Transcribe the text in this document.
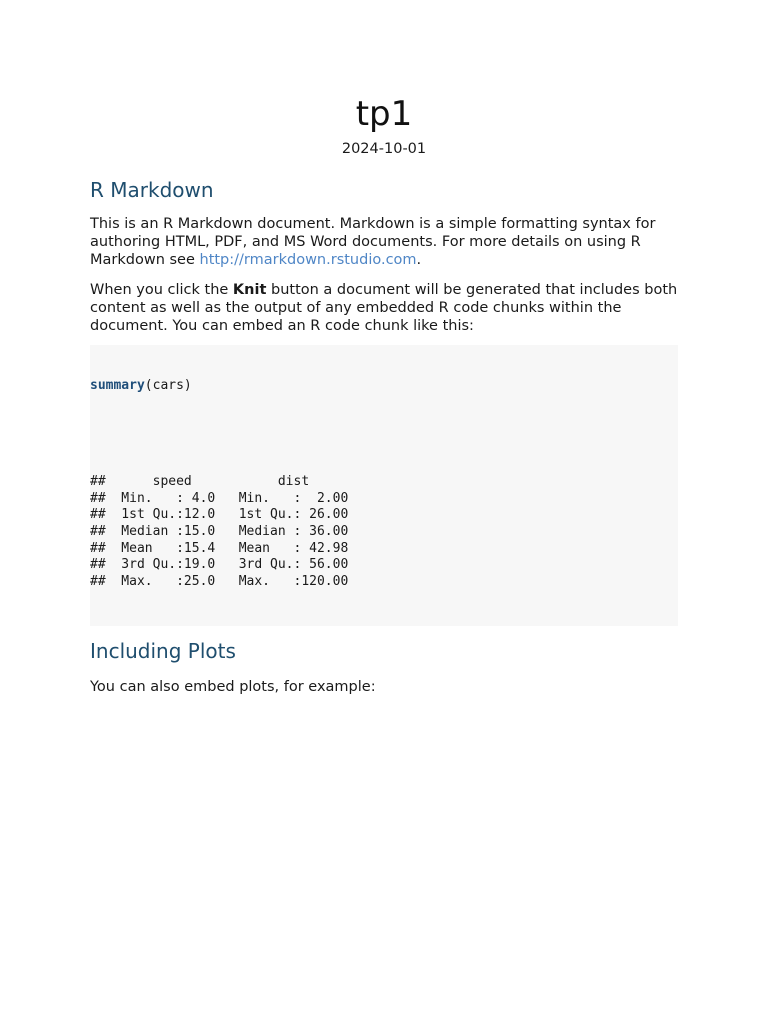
tp1
2024-10-01
R Markdown

This is an R Markdown document. Markdown is a simple formatting syntax for authoring HTML, PDF, and MS Word documents. For more details on using R Markdown see http://rmarkdown.rstudio.com.

When you click the Knit button a document will be generated that includes both content as well as the output of any embedded R code chunks within the document. You can embed an R code chunk like this:

summary(cars)

##      speed           dist
##  Min.   : 4.0   Min.   :  2.00
##  1st Qu.:12.0   1st Qu.: 26.00
##  Median :15.0   Median : 36.00
##  Mean   :15.4   Mean   : 42.98
##  3rd Qu.:19.0   3rd Qu.: 56.00
##  Max.   :25.0   Max.   :120.00

Including Plots

You can also embed plots, for example:
